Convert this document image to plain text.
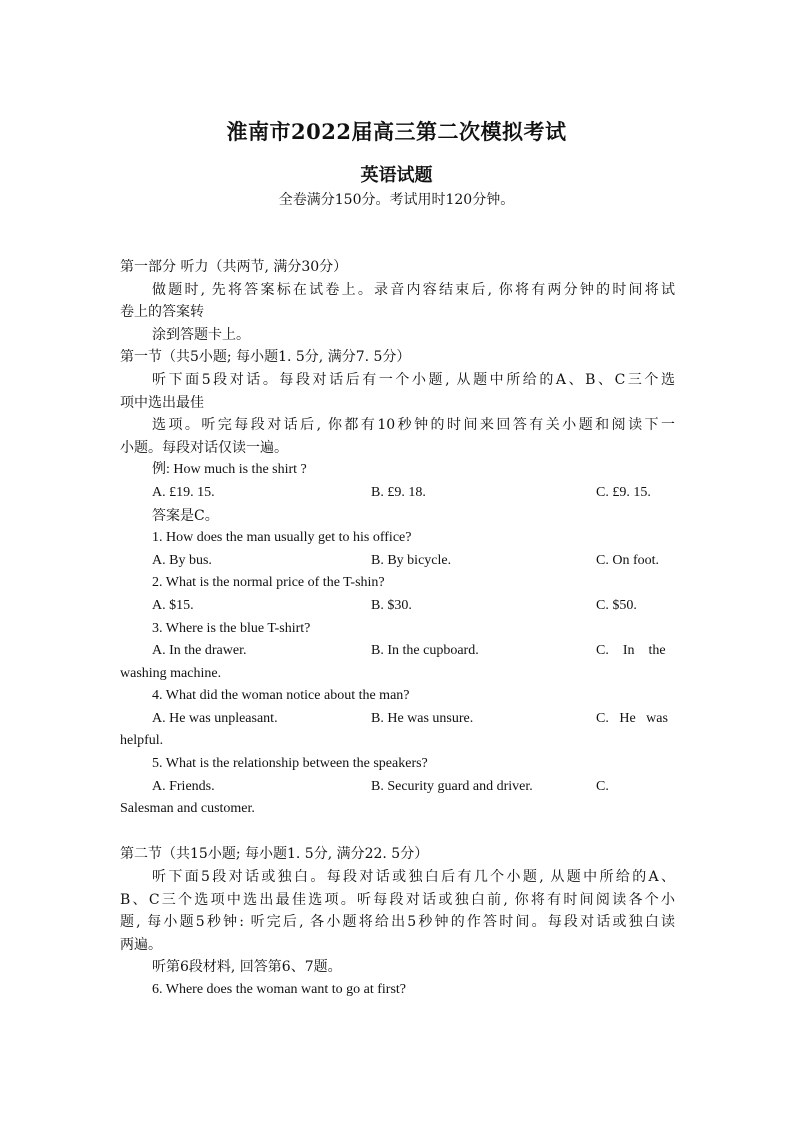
淮南市2022届高三第二次模拟考试
英语试题
全卷满分150分。考试用时120分钟。
第一部分 听力（共两节, 满分30分）
做题时, 先将答案标在试卷上。录音内容结束后, 你将有两分钟的时间将试
卷上的答案转
涂到答题卡上。
第一节（共5小题; 每小题1. 5分, 满分7. 5分）
听下面5段对话。每段对话后有一个小题, 从题中所给的A、B、C三个选
项中选出最佳
选项。听完每段对话后, 你都有10秒钟的时间来回答有关小题和阅读下一
小题。每段对话仅读一遍。
例: How much is the shirt ?
A. £19. 15.	B. £9. 18.	C. £9. 15.
答案是C。
1. How does the man usually get to his office?
A. By bus.	B. By bicycle.	C. On foot.
2. What is the normal price of the T-shin?
A. $15.	B. $30.	C. $50.
3. Where is the blue T-shirt?
A. In the drawer.	B. In the cupboard.	C.    In    the
washing machine.
4. What did the woman notice about the man?
A. He was unpleasant.	B. He was unsure.	C.   He   was
helpful.
5. What is the relationship between the speakers?
A. Friends.	B. Security guard and driver.	C.
Salesman and customer.
第二节（共15小题; 每小题1. 5分, 满分22. 5分）
听下面5段对话或独白。每段对话或独白后有几个小题, 从题中所给的A、
B、C三个选项中选出最佳选项。听每段对话或独白前, 你将有时间阅读各个小
题, 每小题5秒钟: 听完后, 各小题将给出5秒钟的作答时间。每段对话或独白读
两遍。
听第6段材料, 回答第6、7题。
6. Where does the woman want to go at first?
